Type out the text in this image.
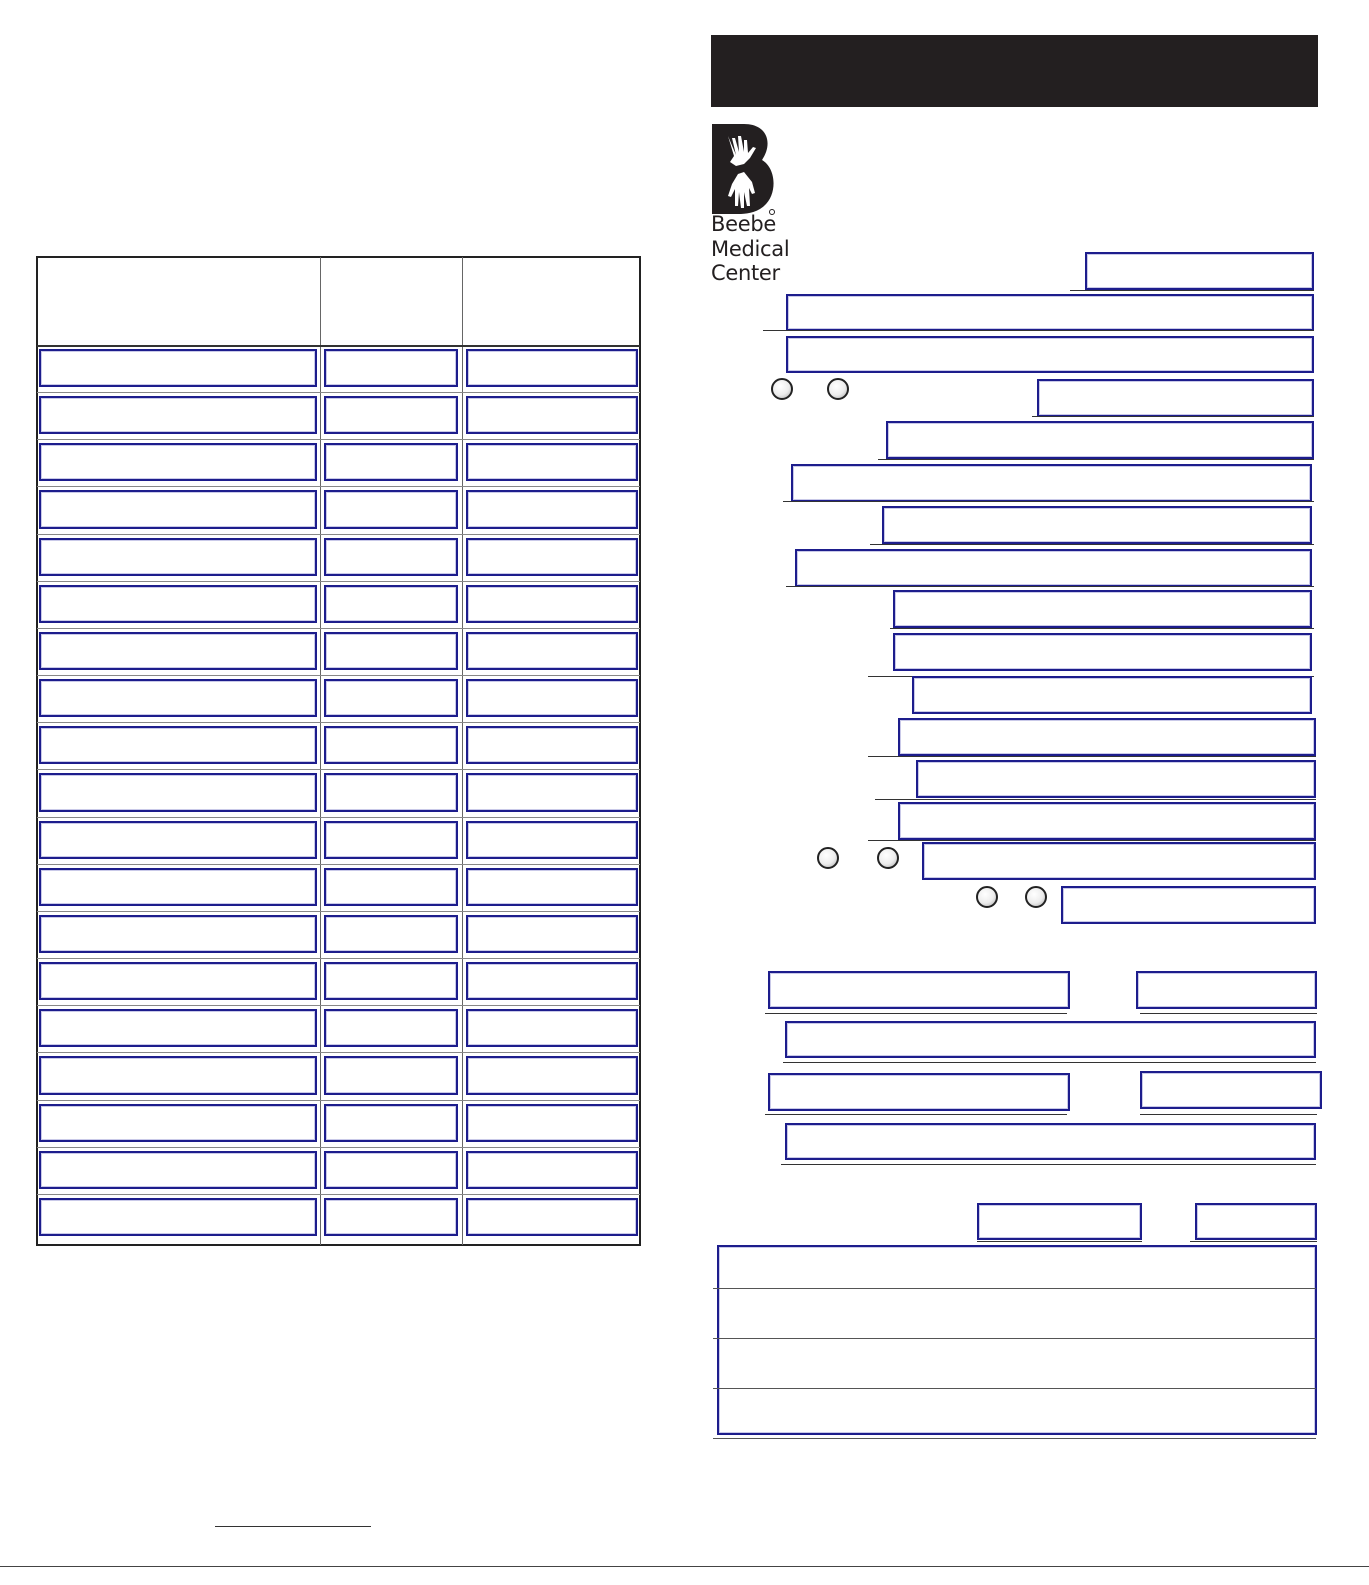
Beebe
Medical
Center
